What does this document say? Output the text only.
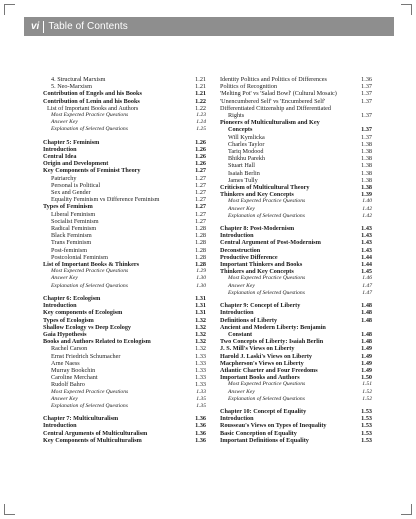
vi Table of Contents
4. Structural Marxism	1.21
5. Neo-Marxism	1.21
Contribution of Engels and his Books	1.21
Contribution of Lenin and his Books	1.22
List of Important Books and Authors	1.22
Most Expected Practice Questions	1.23
Answer Key	1.24
Explanation of Selected Questions	1.25
Chapter 5: Feminism	1.26
Introduction	1.26
Central Idea	1.26
Origin and Development	1.26
Key Components of Feminist Theory	1.27
Patriarchy	1.27
Personal is Political	1.27
Sex and Gender	1.27
Equality Feminism vs Difference Feminism	1.27
Types of Feminism	1.27
Liberal Feminism	1.27
Socialist Feminism	1.27
Radical Feminism	1.28
Black Feminism	1.28
Trans Feminism	1.28
Post-feminism	1.28
Postcolonial Feminism	1.28
List of Important Books & Thinkers	1.28
Most Expected Practice Questions	1.29
Answer Key	1.30
Explanation of Selected Questions	1.30
Chapter 6: Ecologism	1.31
Introduction	1.31
Key components of Ecologism	1.31
Types of Ecologism	1.32
Shallow Ecology vs Deep Ecology	1.32
Gaia Hypothesis	1.32
Books and Authors Related to Ecologism	1.32
Rachel Carson	1.32
Ernst Friedrich Schumacher	1.33
Arne Naess	1.33
Murray Bookchin	1.33
Caroline Merchant	1.33
Rudolf Bahro	1.33
Most Expected Practice Questions	1.33
Answer Key	1.35
Explanation of Selected Questions	1.35
Chapter 7: Multiculturalism	1.36
Introduction	1.36
Central Arguments of Multiculturalism	1.36
Key Components of Multiculturalism	1.36
Identity Politics and Politics of Differences	1.36
Politics of Recognition	1.37
'Melting Pot' vs 'Salad Bowl' (Cultural Mosaic)	1.37
'Unencumbered Self' vs 'Encumbered Self'	1.37
Differentiated Citizenship and Differentiated
Rights	1.37
Pioneers of Multiculturalism and Key
Concepts	1.37
Will Kymlicka	1.37
Charles Taylor	1.38
Tariq Modood	1.38
Bhikhu Parekh	1.38
Stuart Hall	1.38
Isaiah Berlin	1.38
James Tully	1.38
Criticism of Multicultural Theory	1.38
Thinkers and Key Concepts	1.39
Most Expected Practice Questions	1.40
Answer Key	1.42
Explanation of Selected Questions	1.42
Chapter 8: Post-Modernism	1.43
Introduction	1.43
Central Argument of Post-Modernism	1.43
Deconstruction	1.43
Productive Difference	1.44
Important Thinkers and Books	1.44
Thinkers and Key Concepts	1.45
Most Expected Practice Questions	1.46
Answer Key	1.47
Explanation of Selected Questions	1.47
Chapter 9: Concept of Liberty	1.48
Introduction	1.48
Definitions of Liberty	1.48
Ancient and Modern Liberty: Benjamin
Constant	1.48
Two Concepts of Liberty: Isaiah Berlin	1.48
J. S. Mill's Views on Liberty	1.49
Harold J. Laski's Views on Liberty	1.49
Macpherson's Views on Liberty	1.49
Atlantic Charter and Four Freedoms	1.49
Important Books and Authors	1.50
Most Expected Practice Questions	1.51
Answer Key	1.52
Explanation of Selected Questions	1.52
Chapter 10: Concept of Equality	1.53
Introduction	1.53
Rousseau's Views on Types of Inequality	1.53
Basic Conception of Equality	1.53
Important Definitions of Equality	1.53
